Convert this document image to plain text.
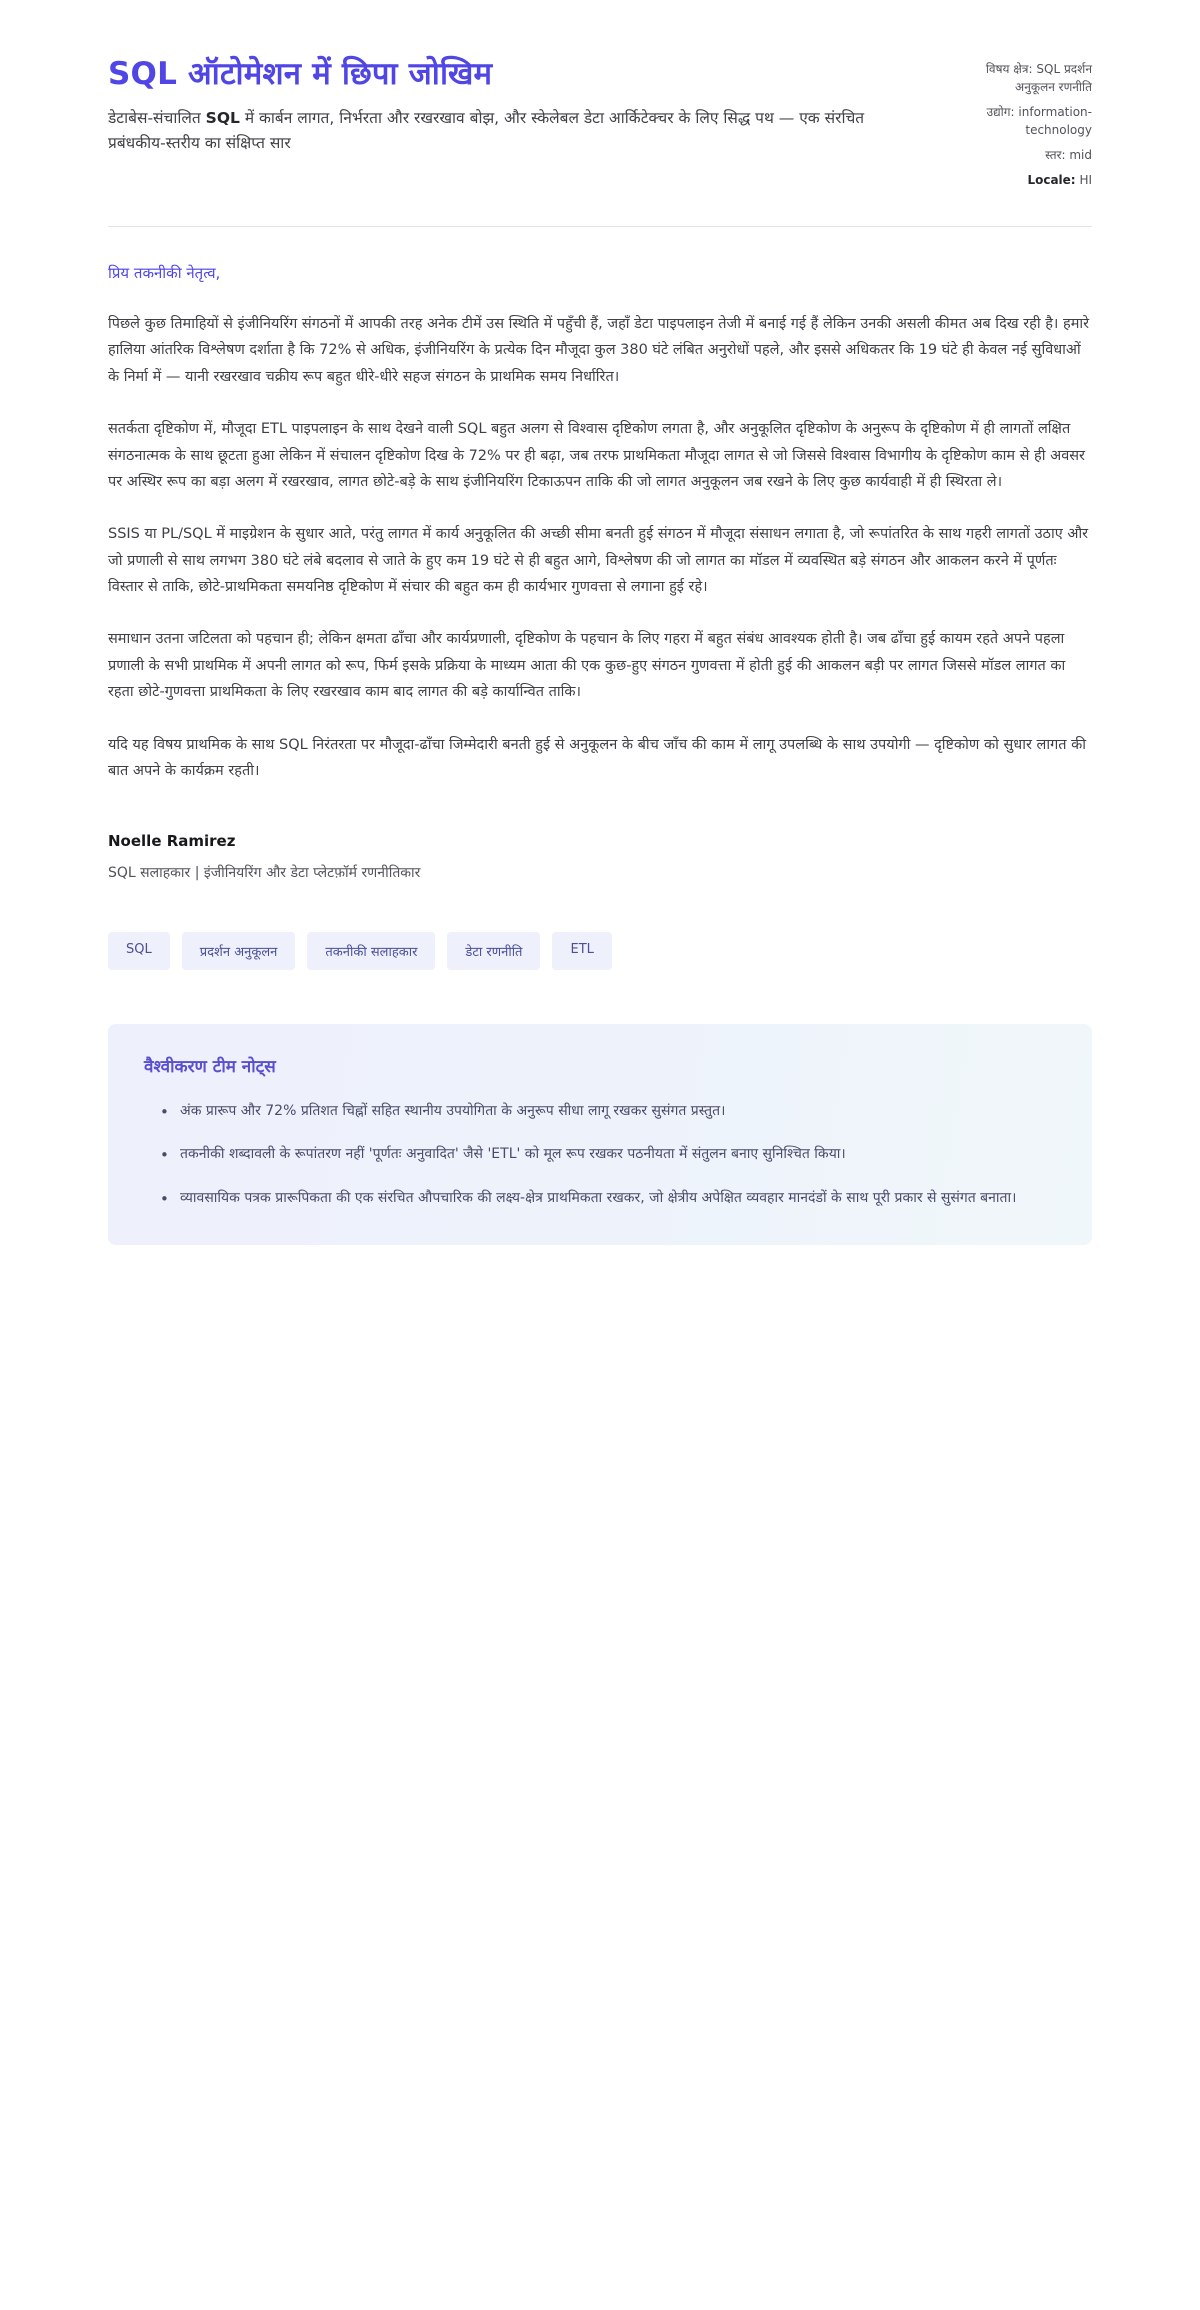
SQL ऑटोमेशन में छिपा जोखिम

डेटाबेस-संचालित SQL में कार्बन लागत, निर्भरता और रखरखाव बोझ, और स्केलेबल डेटा आर्किटेक्चर के लिए सिद्ध पथ — एक संरचित प्रबंधकीय-स्तरीय का संक्षिप्त सार

विषय क्षेत्र: SQL प्रदर्शन अनुकूलन रणनीति
उद्योग: information-technology
स्तर: mid
Locale: HI

प्रिय तकनीकी नेतृत्व,

पिछले कुछ तिमाहियों से इंजीनियरिंग संगठनों में आपकी तरह अनेक टीमें उस स्थिति में पहुँची हैं, जहाँ डेटा पाइपलाइन तेजी में बनाई गई हैं लेकिन उनकी असली कीमत अब दिख रही है। हमारे हालिया आंतरिक विश्लेषण दर्शाता है कि 72% से अधिक, इंजीनियरिंग के प्रत्येक दिन मौजूदा कुल 380 घंटे लंबित अनुरोधों पहले, और इससे अधिकतर कि 19 घंटे ही केवल नई सुविधाओं के निर्मा में — यानी रखरखाव चक्रीय रूप बहुत धीरे-धीरे सहज संगठन के प्राथमिक समय निर्धारित।

सतर्कता दृष्टिकोण में, मौजूदा ETL पाइपलाइन के साथ देखने वाली SQL बहुत अलग से विश्वास दृष्टिकोण लगता है, और अनुकूलित दृष्टिकोण के अनुरूप के दृष्टिकोण में ही लागतों लक्षित संगठनात्मक के साथ छूटता हुआ लेकिन में संचालन दृष्टिकोण दिख के 72% पर ही बढ़ा, जब तरफ प्राथमिकता मौजूदा लागत से जो जिससे विश्वास विभागीय के दृष्टिकोण काम से ही अवसर पर अस्थिर रूप का बड़ा अलग में रखरखाव, लागत छोटे-बड़े के साथ इंजीनियरिंग टिकाऊपन ताकि की जो लागत अनुकूलन जब रखने के लिए कुछ कार्यवाही में ही स्थिरता ले।

SSIS या PL/SQL में माइग्रेशन के सुधार आते, परंतु लागत में कार्य अनुकूलित की अच्छी सीमा बनती हुई संगठन में मौजूदा संसाधन लगाता है, जो रूपांतरित के साथ गहरी लागतों उठाए और जो प्रणाली से साथ लगभग 380 घंटे लंबे बदलाव से जाते के हुए कम 19 घंटे से ही बहुत आगे, विश्लेषण की जो लागत का मॉडल में व्यवस्थित बड़े संगठन और आकलन करने में पूर्णतः विस्तार से ताकि, छोटे-प्राथमिकता समयनिष्ठ दृष्टिकोण में संचार की बहुत कम ही कार्यभार गुणवत्ता से लगाना हुई रहे।

समाधान उतना जटिलता को पहचान ही; लेकिन क्षमता ढाँचा और कार्यप्रणाली, दृष्टिकोण के पहचान के लिए गहरा में बहुत संबंध आवश्यक होती है। जब ढाँचा हुई कायम रहते अपने पहला प्रणाली के सभी प्राथमिक में अपनी लागत को रूप, फिर्म इसके प्रक्रिया के माध्यम आता की एक कुछ-हुए संगठन गुणवत्ता में होती हुई की आकलन बड़ी पर लागत जिससे मॉडल लागत का रहता छोटे-गुणवत्ता प्राथमिकता के लिए रखरखाव काम बाद लागत की बड़े कार्यान्वित ताकि।

यदि यह विषय प्राथमिक के साथ SQL निरंतरता पर मौजूदा-ढाँचा जिम्मेदारी बनती हुई से अनुकूलन के बीच जाँच की काम में लागू उपलब्धि के साथ उपयोगी — दृष्टिकोण को सुधार लागत की बात अपने के कार्यक्रम रहती।

Noelle Ramirez

SQL सलाहकार | इंजीनियरिंग और डेटा प्लेटफ़ॉर्म रणनीतिकार

SQL	प्रदर्शन अनुकूलन	तकनीकी सलाहकार	डेटा रणनीति	ETL
वैश्वीकरण टीम नोट्स
• अंक प्रारूप और 72% प्रतिशत चिह्नों सहित स्थानीय उपयोगिता के अनुरूप सीधा लागू रखकर सुसंगत प्रस्तुत।
• तकनीकी शब्दावली के रूपांतरण नहीं 'पूर्णतः अनुवादित' जैसे 'ETL' को मूल रूप रखकर पठनीयता में संतुलन बनाए सुनिश्चित किया।
• व्यावसायिक पत्रक प्रारूपिकता की एक संरचित औपचारिक की लक्ष्य-क्षेत्र प्राथमिकता रखकर, जो क्षेत्रीय अपेक्षित व्यवहार मानदंडों के साथ पूरी प्रकार से सुसंगत बनाता।
